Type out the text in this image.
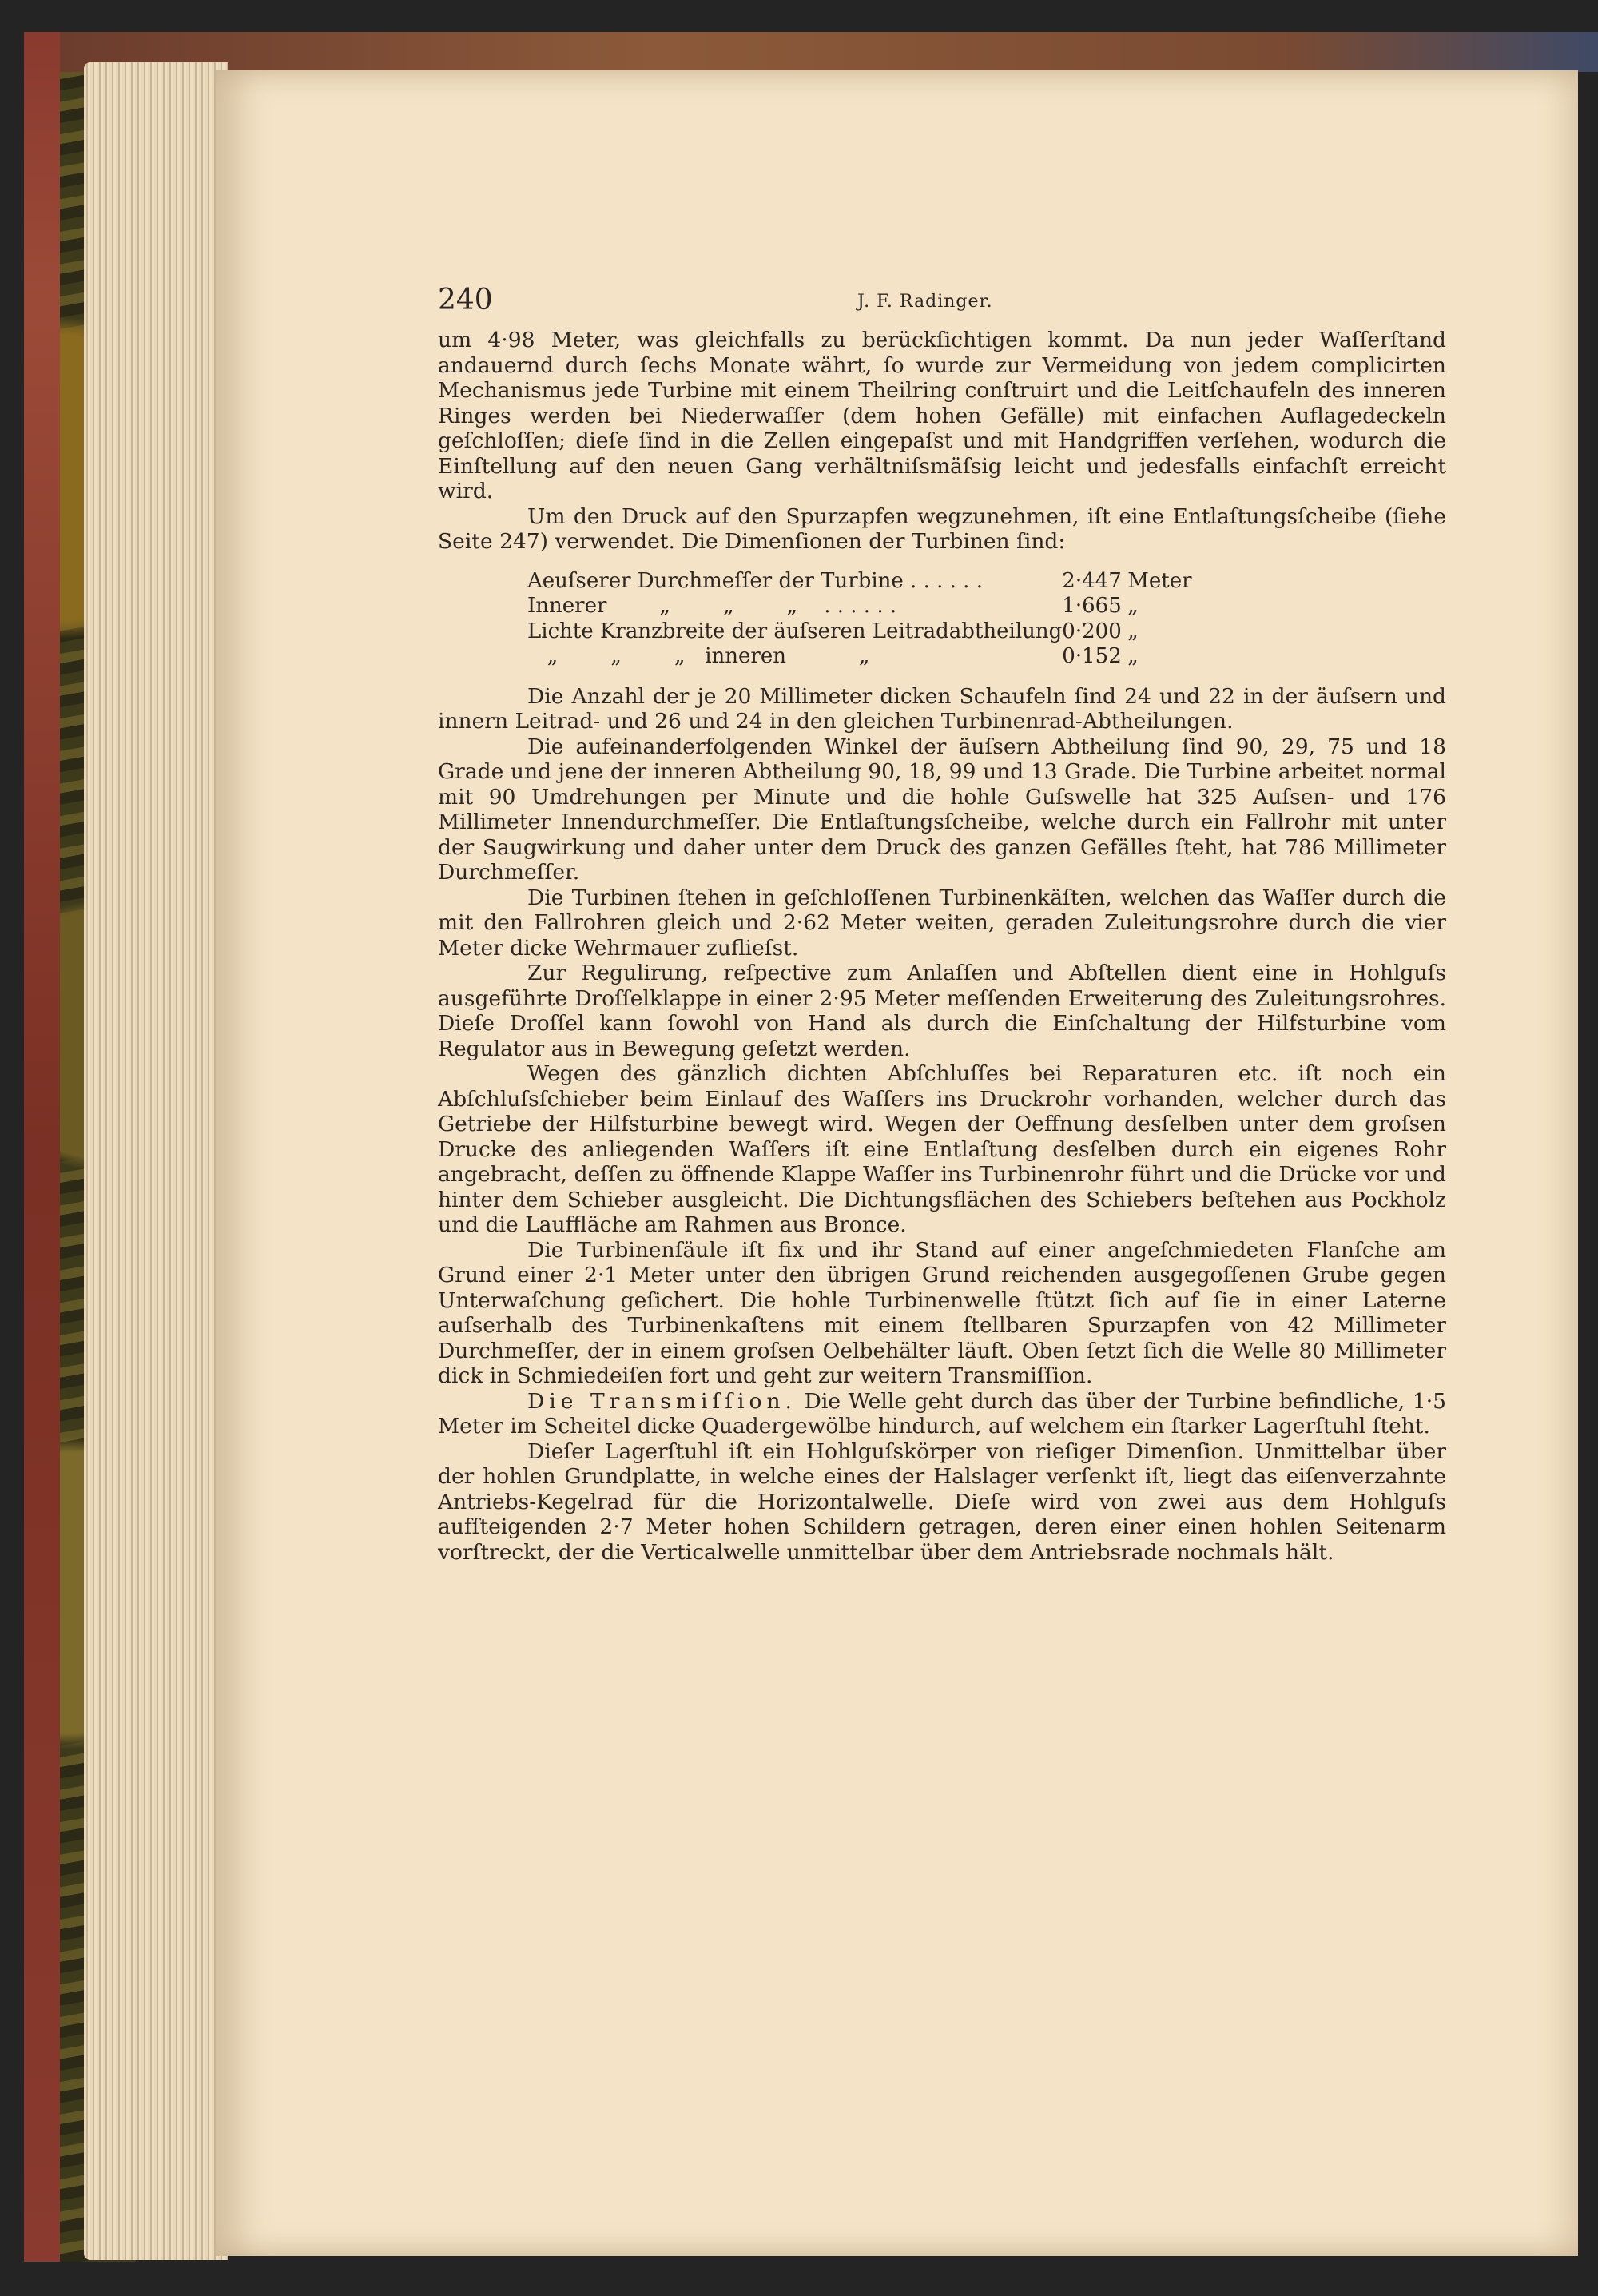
240	J. F. Radinger.

um 4·98 Meter, was gleichfalls zu berückſichtigen kommt. Da nun jeder Waſſerſtand andauernd durch ſechs Monate währt, ſo wurde zur Vermeidung von jedem complicirten Mechanismus jede Turbine mit einem Theilring conſtruirt und die Leitſchaufeln des inneren Ringes werden bei Niederwaſſer (dem hohen Gefälle) mit einfachen Auflagedeckeln geſchloſſen; dieſe ſind in die Zellen eingepaſst und mit Handgriffen verſehen, wodurch die Einſtellung auf den neuen Gang verhältniſsmäſsig leicht und jedesfalls einfachſt erreicht wird.

Um den Druck auf den Spurzapfen wegzunehmen, iſt eine Entlaſtungsſcheibe (ſiehe Seite 247) verwendet. Die Dimenſionen der Turbinen ſind:

Aeuſserer Durchmeſſer der Turbine . . . . . .	2·447	Meter
Innerer        „        „        „    . . . . . .	1·665	„
Lichte Kranzbreite der äuſseren Leitradabtheilung	0·200	„
„        „        „   inneren           „	0·152	„

Die Anzahl der je 20 Millimeter dicken Schaufeln ſind 24 und 22 in der äuſsern und innern Leitrad- und 26 und 24 in den gleichen Turbinenrad-Abtheilungen.

Die aufeinanderfolgenden Winkel der äuſsern Abtheilung ſind 90, 29, 75 und 18 Grade und jene der inneren Abtheilung 90, 18, 99 und 13 Grade. Die Turbine arbeitet normal mit 90 Umdrehungen per Minute und die hohle Guſswelle hat 325 Auſsen- und 176 Millimeter Innendurchmeſſer. Die Entlaſtungsſcheibe, welche durch ein Fallrohr mit unter der Saugwirkung und daher unter dem Druck des ganzen Gefälles ſteht, hat 786 Millimeter Durchmeſſer.

Die Turbinen ſtehen in geſchloſſenen Turbinenkäſten, welchen das Waſſer durch die mit den Fallrohren gleich und 2·62 Meter weiten, geraden Zuleitungsrohre durch die vier Meter dicke Wehrmauer zuflieſst.

Zur Regulirung, reſpective zum Anlaſſen und Abſtellen dient eine in Hohlguſs ausgeführte Droſſelklappe in einer 2·95 Meter meſſenden Erweiterung des Zuleitungsrohres. Dieſe Droſſel kann ſowohl von Hand als durch die Einſchaltung der Hilfsturbine vom Regulator aus in Bewegung geſetzt werden.

Wegen des gänzlich dichten Abſchluſſes bei Reparaturen etc. iſt noch ein Abſchluſsſchieber beim Einlauf des Waſſers ins Druckrohr vorhanden, welcher durch das Getriebe der Hilfsturbine bewegt wird. Wegen der Oeffnung desſelben unter dem groſsen Drucke des anliegenden Waſſers iſt eine Entlaſtung desſelben durch ein eigenes Rohr angebracht, deſſen zu öffnende Klappe Waſſer ins Turbinenrohr führt und die Drücke vor und hinter dem Schieber ausgleicht. Die Dichtungsflächen des Schiebers beſtehen aus Pockholz und die Lauffläche am Rahmen aus Bronce.

Die Turbinenſäule iſt fix und ihr Stand auf einer angeſchmiedeten Flanſche am Grund einer 2·1 Meter unter den übrigen Grund reichenden ausgegoſſenen Grube gegen Unterwaſchung geſichert. Die hohle Turbinenwelle ſtützt ſich auf ſie in einer Laterne auſserhalb des Turbinenkaſtens mit einem ſtellbaren Spurzapfen von 42 Millimeter Durchmeſſer, der in einem groſsen Oelbehälter läuft. Oben ſetzt ſich die Welle 80 Millimeter dick in Schmiedeiſen fort und geht zur weitern Transmiſſion.

Die Transmiſſion. Die Welle geht durch das über der Turbine befindliche, 1·5 Meter im Scheitel dicke Quadergewölbe hindurch, auf welchem ein ſtarker Lagerſtuhl ſteht.

Dieſer Lagerſtuhl iſt ein Hohlguſskörper von rieſiger Dimenſion. Unmittelbar über der hohlen Grundplatte, in welche eines der Halslager verſenkt iſt, liegt das eiſenverzahnte Antriebs-Kegelrad für die Horizontalwelle. Dieſe wird von zwei aus dem Hohlguſs aufſteigenden 2·7 Meter hohen Schildern getragen, deren einer einen hohlen Seitenarm vorſtreckt, der die Verticalwelle unmittelbar über dem Antriebsrade nochmals hält.
